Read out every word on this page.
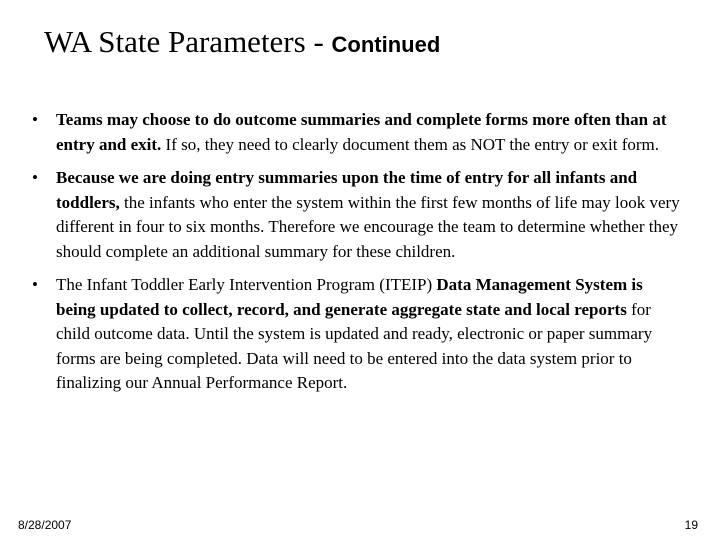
WA State Parameters - Continued
• Teams may choose to do outcome summaries and complete forms more often than at entry and exit. If so, they need to clearly document them as NOT the entry or exit form.
• Because we are doing entry summaries upon the time of entry for all infants and toddlers, the infants who enter the system within the first few months of life may look very different in four to six months. Therefore we encourage the team to determine whether they should complete an additional summary for these children.
• The Infant Toddler Early Intervention Program (ITEIP) Data Management System is being updated to collect, record, and generate aggregate state and local reports for child outcome data. Until the system is updated and ready, electronic or paper summary forms are being completed. Data will need to be entered into the data system prior to finalizing our Annual Performance Report.
8/28/2007	19
